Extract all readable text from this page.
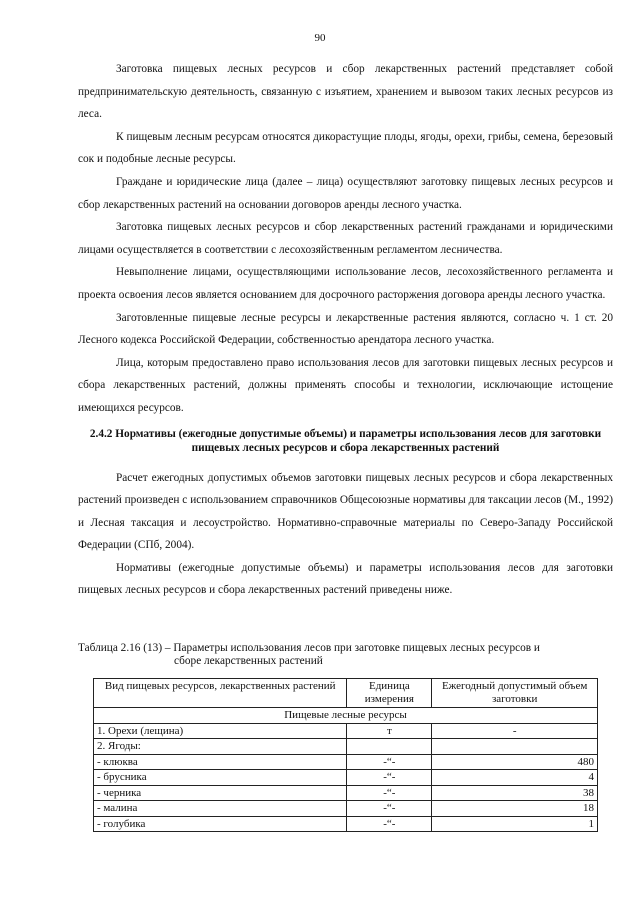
90

Заготовка пищевых лесных ресурсов и сбор лекарственных растений представляет собой предпринимательскую деятельность, связанную с изъятием, хранением и вывозом таких лесных ресурсов из леса.

К пищевым лесным ресурсам относятся дикорастущие плоды, ягоды, орехи, грибы, семена, березовый сок и подобные лесные ресурсы.

Граждане и юридические лица (далее – лица) осуществляют заготовку пищевых лесных ресурсов и сбор лекарственных растений на основании договоров аренды лесного участка.

Заготовка пищевых лесных ресурсов и сбор лекарственных растений гражданами и юридическими лицами осуществляется в соответствии с лесохозяйственным регламентом лесничества.

Невыполнение лицами, осуществляющими использование лесов, лесохозяйственного регламента и проекта освоения лесов является основанием для досрочного расторжения договора аренды лесного участка.

Заготовленные пищевые лесные ресурсы и лекарственные растения являются, согласно ч. 1 ст. 20 Лесного кодекса Российской Федерации, собственностью арендатора лесного участка.

Лица, которым предоставлено право использования лесов для заготовки пищевых лесных ресурсов и сбора лекарственных растений, должны применять способы и технологии, исключающие истощение имеющихся ресурсов.

2.4.2 Нормативы (ежегодные допустимые объемы) и параметры использования лесов для заготовки пищевых лесных ресурсов и сбора лекарственных растений

Расчет ежегодных допустимых объемов заготовки пищевых лесных ресурсов и сбора лекарственных растений произведен с использованием справочников Общесоюзные нормативы для таксации лесов (М., 1992) и Лесная таксация и лесоустройство. Нормативно-справочные материалы по Северо-Западу Российской Федерации (СПб, 2004).

Нормативы (ежегодные допустимые объемы) и параметры использования лесов для заготовки пищевых лесных ресурсов и сбора лекарственных растений приведены ниже.

Таблица 2.16 (13) – Параметры использования лесов при заготовке пищевых лесных ресурсов и
сборе лекарственных растений
Вид пищевых ресурсов, лекарственных растений	Единица измерения	Ежегодный допустимый объем заготовки
Пищевые лесные ресурсы		
1. Орехи (лещина)	т	-
2. Ягоды:		
- клюква	-“-	480
- брусника	-“-	4
- черника	-“-	38
- малина	-“-	18
- голубика	-“-	1
